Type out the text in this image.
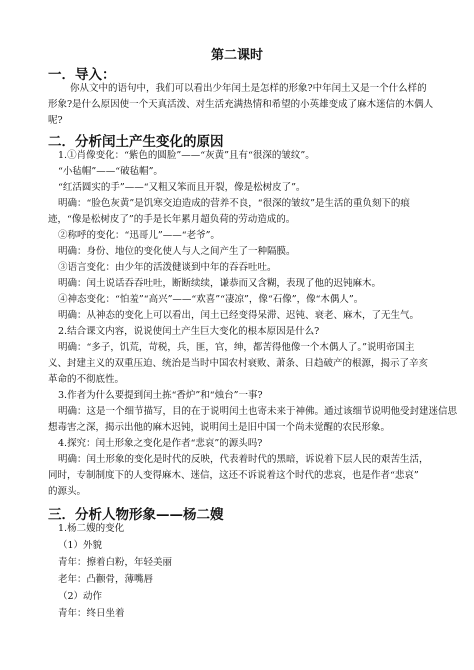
第二课时
一．导入：
你从文中的语句中，我们可以看出少年闰土是怎样的形象?中年闰土又是一个什么样的
形象?是什么原因使一个天真活泼、对生活充满热情和希望的小英雄变成了麻木迷信的木偶人
呢?
二．分析闰土产生变化的原因
1.①肖像变化：“紫色的圆脸”——“灰黄”且有“很深的皱纹”。
“小毡帽”——“破毡帽”。
“红活圆实的手”——“又粗又笨而且开裂，像是松树皮了”。
明确：“脸色灰黄”是饥寒交迫造成的营养不良，“很深的皱纹”是生活的重负刻下的痕
迹，“像是松树皮了”的手是长年累月超负荷的劳动造成的。
②称呼的变化：“迅哥儿”——“老爷”。
明确：身份、地位的变化使人与人之间产生了一种隔膜。
③语言变化：由少年的活泼健谈到中年的吞吞吐吐。
明确：闰土说话吞吞吐吐，断断续续，谦恭而又含糊，表现了他的迟钝麻木。
④神态变化：“怕羞”“高兴”——“欢喜”“凄凉”，像“石像”，像“木偶人”。
明确：从神态的变化上可以看出，闰土已经变得呆滞、迟钝、衰老、麻木，了无生气。
2.结合课文内容，说说使闰土产生巨大变化的根本原因是什么?
明确：“多子，饥荒，苛税，兵，匪，官，绅，都苦得他像一个木偶人了。”说明帝国主
义、封建主义的双重压迫、统治是当时中国农村衰败、萧条、日趋破产的根源，揭示了辛亥
革命的不彻底性。
3.作者为什么要提到闰土拣“香炉”和“烛台”一事?
明确：这是一个细节描写，目的在于说明闰土也寄未来于神佛。通过该细节说明他受封建迷信思
想毒害之深，揭示出他的麻木迟钝，说明闰土是旧中国一个尚未觉醒的农民形象。
4.探究：闰土形象之变化是作者“悲哀”的源头吗?
明确：闰土形象的变化是时代的反映，代表着时代的黑暗，诉说着下层人民的艰苦生活，
同时，专制制度下的人变得麻木、迷信，这还不诉说着这个时代的悲哀，也是作者“悲哀”
的源头。
三．分析人物形象——杨二嫂
1.杨二嫂的变化
（1）外貌
青年：擦着白粉，年轻美丽
老年：凸颧骨，薄嘴唇
（2）动作
青年：终日坐着
